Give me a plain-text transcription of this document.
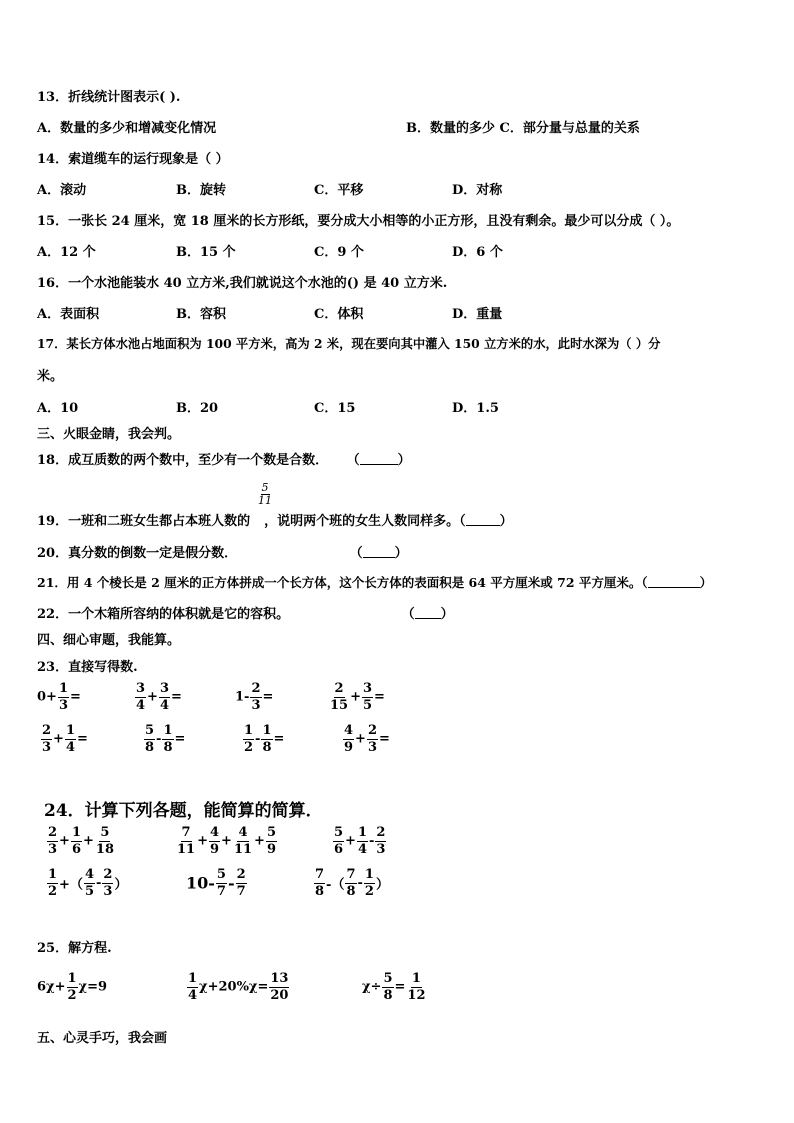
13．折线统计图表示( ).
A．数量的多少和增减变化情况	B．数量的多少 C．部分量与总量的关系
14．索道缆车的运行现象是（ ）
A．滚动	B．旋转	C．平移	D．对称
15．一张长 24 厘米，宽 18 厘米的长方形纸，要分成大小相等的小正方形，且没有剩余。最少可以分成（ ）。
A．12 个	B．15 个	C．9 个	D．6 个
16．一个水池能装水 40 立方米,我们就说这个水池的() 是 40 立方米.
A．表面积	B．容积	C．体积	D．重量
17．某长方体水池占地面积为 100 平方米，高为 2 米，现在要向其中灌入 150 立方米的水，此时水深为（ ）分
米。
A．10	B．20	C．15	D．1.5
三、火眼金睛，我会判。
18．成互质数的两个数中，至少有一个数是合数． （	）
$\frac{5}{11}$
19．一班和二班女生都占本班人数的 ，说明两个班的女生人数同样多。（	）
20．真分数的倒数一定是假分数．	（ ）
21．用 4 个棱长是 2 厘米的正方体拼成一个长方体，这个长方体的表面积是 64 平方厘米或 72 平方厘米。（	）
22．一个木箱所容纳的体积就是它的容积。	（ ）
四、细心审题，我能算。
23．直接写得数.
$0+ \frac{1}{3}$ =	$\frac{3}{4} + \frac{3}{4}$ =	$1- \frac{2}{3}$ =	$\frac{2}{15} + \frac{3}{5}$ =
$\frac{2}{3} + \frac{1}{4}$ =	$\frac{5}{8} - \frac{1}{8}$ =	$\frac{1}{2} - \frac{1}{8}$ =	$\frac{4}{9} + \frac{2}{3}$ =
24．计算下列各题，能简算的简算．
$\frac{2}{3} + \frac{1}{6} + \frac{5}{18}$	$\frac{7}{11} + \frac{4}{9} + \frac{4}{11} + \frac{5}{9}$	$\frac{5}{6} + \frac{1}{4} - \frac{2}{3}$
$\frac{1}{2}$ +（ $\frac{4}{5} - \frac{2}{3}$ ）	$10- \frac{5}{7} - \frac{2}{7}$	$\frac{7}{8}$ -（ $\frac{7}{8} - \frac{1}{2}$ ）
25．解方程.
$6\chi+ \frac{1}{2} \chi=9$	$\frac{1}{4} \chi+20\%\chi= \frac{13}{20}$	$\chi\div \frac{5}{8} = \frac{1}{12}$
五、心灵手巧，我会画
